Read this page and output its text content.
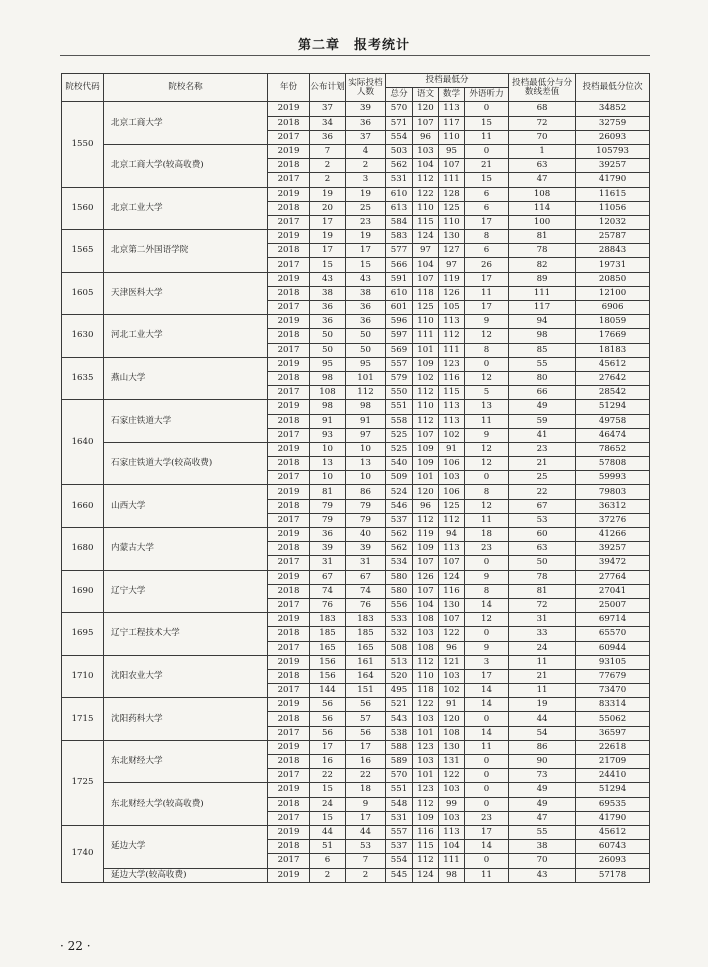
第二章　报考统计
院校代码	院校名称	年份	公布计划	实际投档人数	投档最低分				投档最低分与分数线差值	投档最低分位次
					总分	语文	数学	外语听力		
1550	北京工商大学	2019	37	39	570	120	113	0	68	34852
		2018	34	36	571	107	117	15	72	32759
		2017	36	37	554	96	110	11	70	26093
	北京工商大学(较高收费)	2019	7	4	503	103	95	0	1	105793
		2018	2	2	562	104	107	21	63	39257
		2017	2	3	531	112	111	15	47	41790
1560	北京工业大学	2019	19	19	610	122	128	6	108	11615
		2018	20	25	613	110	125	6	114	11056
		2017	17	23	584	115	110	17	100	12032
1565	北京第二外国语学院	2019	19	19	583	124	130	8	81	25787
		2018	17	17	577	97	127	6	78	28843
		2017	15	15	566	104	97	26	82	19731
1605	天津医科大学	2019	43	43	591	107	119	17	89	20850
		2018	38	38	610	118	126	11	111	12100
		2017	36	36	601	125	105	17	117	6906
1630	河北工业大学	2019	36	36	596	110	113	9	94	18059
		2018	50	50	597	111	112	12	98	17669
		2017	50	50	569	101	111	8	85	18183
1635	燕山大学	2019	95	95	557	109	123	0	55	45612
		2018	98	101	579	102	116	12	80	27642
		2017	108	112	550	112	115	5	66	28542
1640	石家庄铁道大学	2019	98	98	551	110	113	13	49	51294
		2018	91	91	558	112	113	11	59	49758
		2017	93	97	525	107	102	9	41	46474
	石家庄铁道大学(较高收费)	2019	10	10	525	109	91	12	23	78652
		2018	13	13	540	109	106	12	21	57808
		2017	10	10	509	101	103	0	25	59993
1660	山西大学	2019	81	86	524	120	106	8	22	79803
		2018	79	79	546	96	125	12	67	36312
		2017	79	79	537	112	112	11	53	37276
1680	内蒙古大学	2019	36	40	562	119	94	18	60	41266
		2018	39	39	562	109	113	23	63	39257
		2017	31	31	534	107	107	0	50	39472
1690	辽宁大学	2019	67	67	580	126	124	9	78	27764
		2018	74	74	580	107	116	8	81	27041
		2017	76	76	556	104	130	14	72	25007
1695	辽宁工程技术大学	2019	183	183	533	108	107	12	31	69714
		2018	185	185	532	103	122	0	33	65570
		2017	165	165	508	108	96	9	24	60944
1710	沈阳农业大学	2019	156	161	513	112	121	3	11	93105
		2018	156	164	520	110	103	17	21	77679
		2017	144	151	495	118	102	14	11	73470
1715	沈阳药科大学	2019	56	56	521	122	91	14	19	83314
		2018	56	57	543	103	120	0	44	55062
		2017	56	56	538	101	108	14	54	36597
1725	东北财经大学	2019	17	17	588	123	130	11	86	22618
		2018	16	16	589	103	131	0	90	21709
		2017	22	22	570	101	122	0	73	24410
	东北财经大学(较高收费)	2019	15	18	551	123	103	0	49	51294
		2018	24	9	548	112	99	0	49	69535
		2017	15	17	531	109	103	23	47	41790
1740	延边大学	2019	44	44	557	116	113	17	55	45612
		2018	51	53	537	115	104	14	38	60743
		2017	6	7	554	112	111	0	70	26093
	延边大学(较高收费)	2019	2	2	545	124	98	11	43	57178
· 22 ·
